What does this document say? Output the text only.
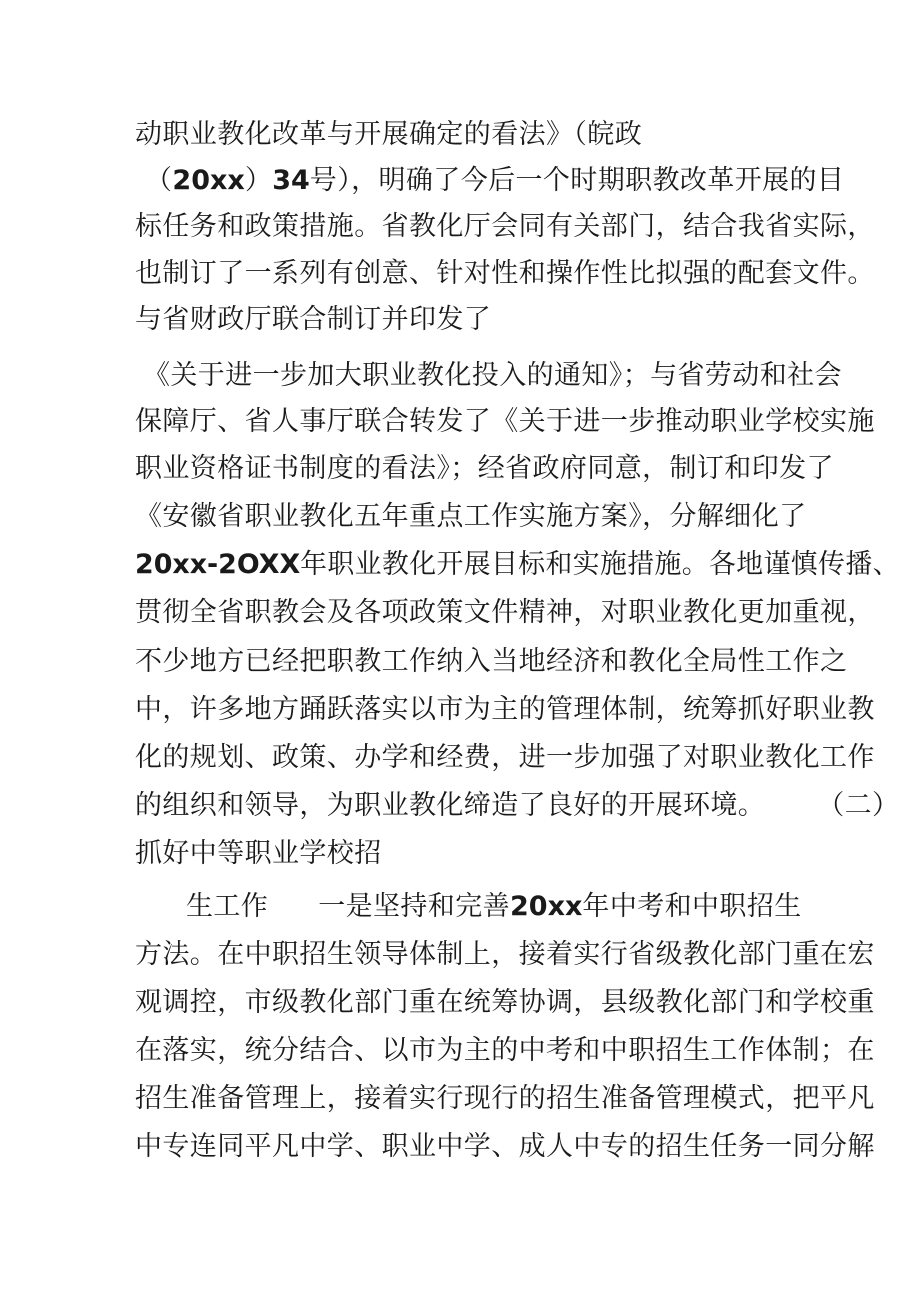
动职业教化改革与开展确定的看法》（皖政
（20xx）34号），明确了今后一个时期职教改革开展的目
标任务和政策措施。省教化厅会同有关部门，结合我省实际，
也制订了一系列有创意、针对性和操作性比拟强的配套文件。
与省财政厅联合制订并印发了
《关于进一步加大职业教化投入的通知》；与省劳动和社会
保障厅、省人事厅联合转发了《关于进一步推动职业学校实施
职业资格证书制度的看法》；经省政府同意，制订和印发了
《安徽省职业教化五年重点工作实施方案》，分解细化了
20xx-2OXX年职业教化开展目标和实施措施。各地谨慎传播、
贯彻全省职教会及各项政策文件精神，对职业教化更加重视，
不少地方已经把职教工作纳入当地经济和教化全局性工作之
中，许多地方踊跃落实以市为主的管理体制，统筹抓好职业教
化的规划、政策、办学和经费，进一步加强了对职业教化工作
的组织和领导，为职业教化缔造了良好的开展环境。 （二）
抓好中等职业学校招
生工作 一是坚持和完善20xx年中考和中职招生
方法。在中职招生领导体制上，接着实行省级教化部门重在宏
观调控，市级教化部门重在统筹协调，县级教化部门和学校重
在落实，统分结合、以市为主的中考和中职招生工作体制；在
招生准备管理上，接着实行现行的招生准备管理模式，把平凡
中专连同平凡中学、职业中学、成人中专的招生任务一同分解
